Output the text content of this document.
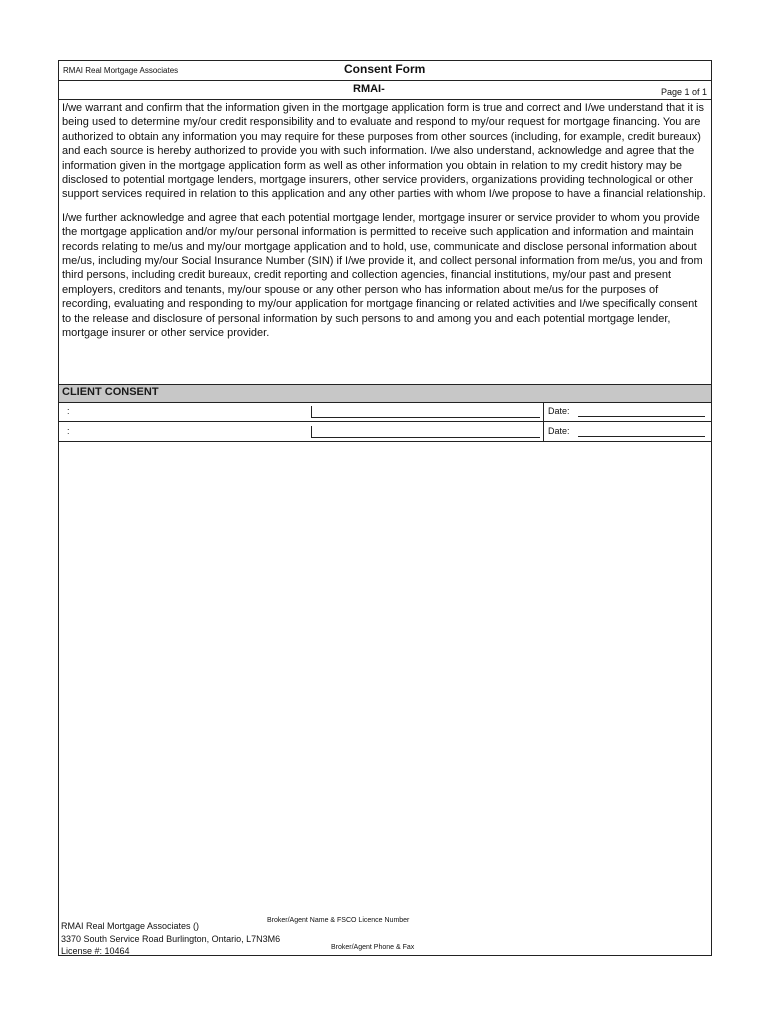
RMAI Real Mortgage Associates	Consent Form
RMAI-	Page 1 of 1

I/we warrant and confirm that the information given in the mortgage application form is true and correct and I/we understand that it is being used to determine my/our credit responsibility and to evaluate and respond to my/our request for mortgage financing. You are authorized to obtain any information you may require for these purposes from other sources (including, for example, credit bureaux) and each source is hereby authorized to provide you with such information. I/we also understand, acknowledge and agree that the information given in the mortgage application form as well as other information you obtain in relation to my credit history may be disclosed to potential mortgage lenders, mortgage insurers, other service providers, organizations providing technological or other support services required in relation to this application and any other parties with whom I/we propose to have a financial relationship.

I/we further acknowledge and agree that each potential mortgage lender, mortgage insurer or service provider to whom you provide the mortgage application and/or my/our personal information is permitted to receive such application and information and maintain records relating to me/us and my/our mortgage application and to hold, use, communicate and disclose personal information about me/us, including my/our Social Insurance Number (SIN) if I/we provide it, and collect personal information from me/us, you and from third persons, including credit bureaux, credit reporting and collection agencies, financial institutions, my/our past and present employers, creditors and tenants, my/our spouse or any other person who has information about me/us for the purposes of recording, evaluating and responding to my/our application for mortgage financing or related activities and I/we specifically consent to the release and disclosure of personal information by such persons to and among you and each potential mortgage lender, mortgage insurer or other service provider.

CLIENT CONSENT
:	Date:
:	Date:
RMAI Real Mortgage Associates ()
3370 South Service Road Burlington, Ontario, L7N3M6
License #: 10464
Broker/Agent Name & FSCO Licence Number
Broker/Agent Phone & Fax
